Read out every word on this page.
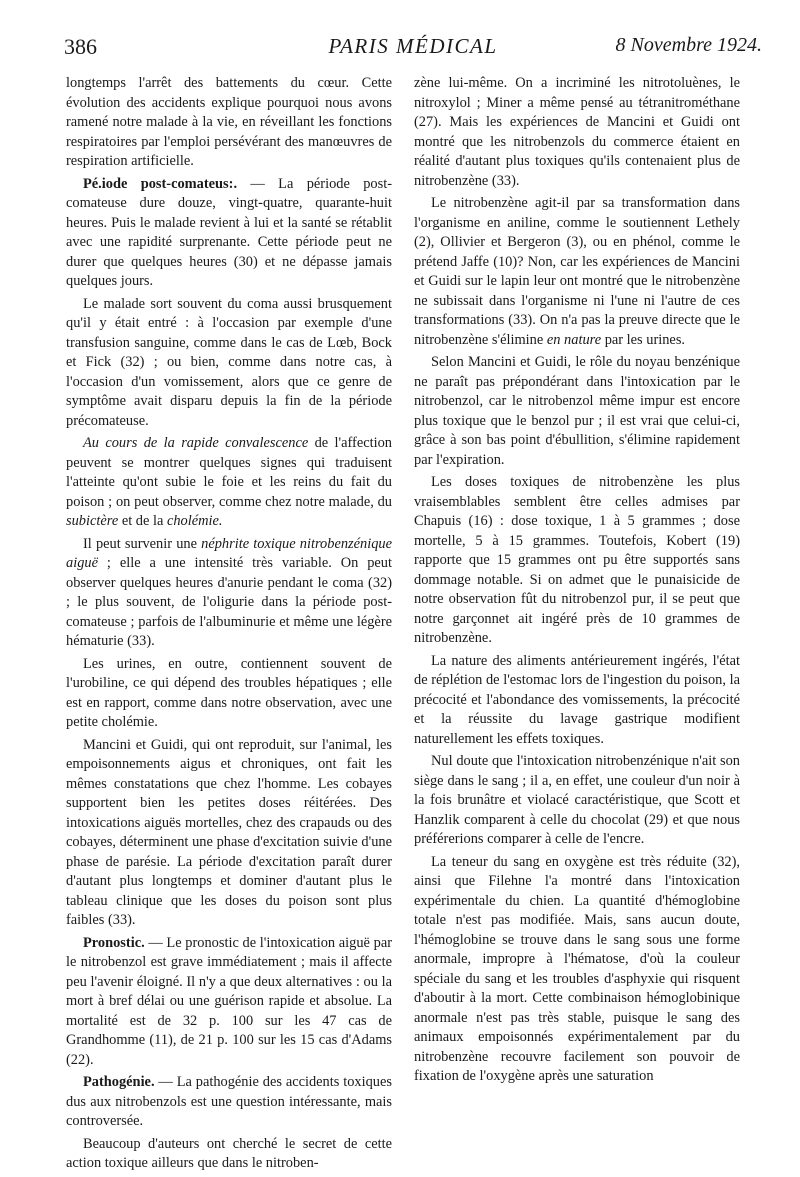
386	PARIS MÉDICAL	8 Novembre 1924.

longtemps l'arrêt des battements du cœur. Cette évolution des accidents explique pourquoi nous avons ramené notre malade à la vie, en réveillant les fonctions respiratoires par l'emploi persévérant des manœuvres de respiration artificielle.

Pé.iode post-comateus:. — La période post-comateuse dure douze, vingt-quatre, quarante-huit heures. Puis le malade revient à lui et la santé se rétablit avec une rapidité surprenante. Cette période peut ne durer que quelques heures (30) et ne dépasse jamais quelques jours.

Le malade sort souvent du coma aussi brusquement qu'il y était entré : à l'occasion par exemple d'une transfusion sanguine, comme dans le cas de Lœb, Bock et Fick (32) ; ou bien, comme dans notre cas, à l'occasion d'un vomissement, alors que ce genre de symptôme avait disparu depuis la fin de la période précomateuse.

Au cours de la rapide convalescence de l'affection peuvent se montrer quelques signes qui traduisent l'atteinte qu'ont subie le foie et les reins du fait du poison ; on peut observer, comme chez notre malade, du subictère et de la cholémie.

Il peut survenir une néphrite toxique nitrobenzénique aiguë ; elle a une intensité très variable. On peut observer quelques heures d'anurie pendant le coma (32) ; le plus souvent, de l'oligurie dans la période post-comateuse ; parfois de l'albuminurie et même une légère hématurie (33).

Les urines, en outre, contiennent souvent de l'urobiline, ce qui dépend des troubles hépatiques ; elle est en rapport, comme dans notre observation, avec une petite cholémie.

Mancini et Guidi, qui ont reproduit, sur l'animal, les empoisonnements aigus et chroniques, ont fait les mêmes constatations que chez l'homme. Les cobayes supportent bien les petites doses réitérées. Des intoxications aiguës mortelles, chez des crapauds ou des cobayes, déterminent une phase d'excitation suivie d'une phase de parésie. La période d'excitation paraît durer d'autant plus longtemps et dominer d'autant plus le tableau clinique que les doses du poison sont plus faibles (33).

Pronostic. — Le pronostic de l'intoxication aiguë par le nitrobenzol est grave immédiatement ; mais il affecte peu l'avenir éloigné. Il n'y a que deux alternatives : ou la mort à bref délai ou une guérison rapide et absolue. La mortalité est de 32 p. 100 sur les 47 cas de Grandhomme (11), de 21 p. 100 sur les 15 cas d'Adams (22).

Pathogénie. — La pathogénie des accidents toxiques dus aux nitrobenzols est une question intéressante, mais controversée.

Beaucoup d'auteurs ont cherché le secret de cette action toxique ailleurs que dans le nitroben-

zène lui-même. On a incriminé les nitrotoluènes, le nitroxylol ; Miner a même pensé au tétranitrométhane (27). Mais les expériences de Mancini et Guidi ont montré que les nitrobenzols du commerce étaient en réalité d'autant plus toxiques qu'ils contenaient plus de nitrobenzène (33).

Le nitrobenzène agit-il par sa transformation dans l'organisme en aniline, comme le soutiennent Lethely (2), Ollivier et Bergeron (3), ou en phénol, comme le prétend Jaffe (10)? Non, car les expériences de Mancini et Guidi sur le lapin leur ont montré que le nitrobenzène ne subissait dans l'organisme ni l'une ni l'autre de ces transformations (33). On n'a pas la preuve directe que le nitrobenzène s'élimine en nature par les urines.

Selon Mancini et Guidi, le rôle du noyau benzénique ne paraît pas prépondérant dans l'intoxication par le nitrobenzol, car le nitrobenzol même impur est encore plus toxique que le benzol pur ; il est vrai que celui-ci, grâce à son bas point d'ébullition, s'élimine rapidement par l'expiration.

Les doses toxiques de nitrobenzène les plus vraisemblables semblent être celles admises par Chapuis (16) : dose toxique, 1 à 5 grammes ; dose mortelle, 5 à 15 grammes. Toutefois, Kobert (19) rapporte que 15 grammes ont pu être supportés sans dommage notable. Si on admet que le punaisicide de notre observation fût du nitrobenzol pur, il se peut que notre garçonnet ait ingéré près de 10 grammes de nitrobenzène.

La nature des aliments antérieurement ingérés, l'état de réplétion de l'estomac lors de l'ingestion du poison, la précocité et l'abondance des vomissements, la précocité et la réussite du lavage gastrique modifient naturellement les effets toxiques.

Nul doute que l'intoxication nitrobenzénique n'ait son siège dans le sang ; il a, en effet, une couleur d'un noir à la fois brunâtre et violacé caractéristique, que Scott et Hanzlik comparent à celle du chocolat (29) et que nous préférerions comparer à celle de l'encre.

La teneur du sang en oxygène est très réduite (32), ainsi que Filehne l'a montré dans l'intoxication expérimentale du chien. La quantité d'hémoglobine totale n'est pas modifiée. Mais, sans aucun doute, l'hémoglobine se trouve dans le sang sous une forme anormale, impropre à l'hématose, d'où la couleur spéciale du sang et les troubles d'asphyxie qui risquent d'aboutir à la mort. Cette combinaison hémoglobinique anormale n'est pas très stable, puisque le sang des animaux empoisonnés expérimentalement par du nitrobenzène recouvre facilement son pouvoir de fixation de l'oxygène après une saturation
